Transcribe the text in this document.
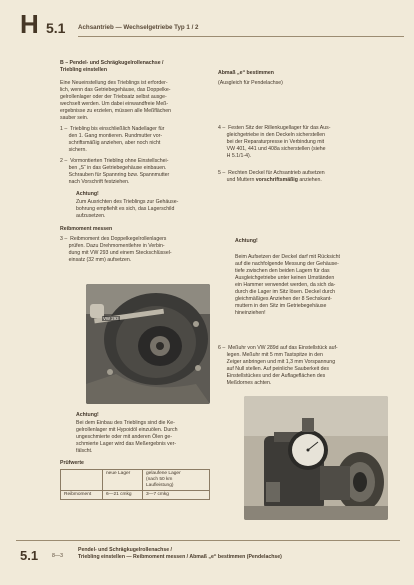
H 5.1 Achsantrieb — Wechselgetriebe Typ 1 / 2
B – Pendel- und Schrägkugelrollenachse /
Triebling einstellen
Eine Neueinstellung des Trieblings ist erforder-
lich, wenn das Getriebegehäuse, das Doppelke-
gelrollenlager oder der Triebsatz selbst ausge-
wechselt werden. Um dabei einwandfreie Meß-
ergebnisse zu erzielen, müssen alle Meßflächen
sauber sein.
1 –  Triebling bis einschließlich Nadellager für
den 1. Gang montieren. Rundmutter vor-
schriftsmäßig anziehen, aber noch nicht
sichern.
2 –  Vormontierten Triebling ohne Einstellschei-
ben „S“ in das Getriebegehäuse einbauen.
Schrauben für Spannring bzw. Spannmutter
nach Vorschrift festziehen.
Achtung!
Zum Ausrichten des Trieblings zur Gehäuse-
bohrung empfiehlt es sich, das Lagerschild
aufzusetzen.
Reibmoment messen
3 –  Reibmoment des Doppelkegelrollenlagers
prüfen. Dazu Drehmomentlehre in Verbin-
dung mit VW 293 und einem Steckschlüssel-
einsatz (32 mm) aufsetzen.
VW 293
Achtung!
Bei dem Einbau des Trieblings sind die Ke-
gelrollenlager mit Hypoidöl einzuölen. Durch
ungeschmierte oder mit anderen Ölen ge-
schmierte Lager wird das Meßergebnis ver-
fälscht.
Prüfwerte
	neue Lager	gelaufene Lager
(nach 50 km
Laufleistung)
Reibmoment	6—21 cmkg	3—7 cmkg
Abmaß „e“ bestimmen
(Ausgleich für Pendelachse)
4 –  Festen Sitz der Rillenkugellager für das Aus-
gleichgetriebe in den Deckeln sicherstellen
bei der Reparaturpresse in Verbindung mit
VW 401, 441 und 408a sicherstellen (siehe
H 5.1/1-4).
5 –  Rechten Deckel für Achsantrieb aufsetzen
und Muttern vorschriftsmäßig anziehen.
Achtung!
Beim Aufsetzen der Deckel darf mit Rücksicht
auf die nachfolgende Messung der Gehäuse-
tiefe zwischen den beiden Lagern für das
Ausgleichgetriebe unter keinen Umständen
ein Hammer verwendet werden, da sich da-
durch die Lager im Sitz lösen. Deckel durch
gleichmäßiges Anziehen der 8 Sechskant-
muttern in den Sitz im Getriebegehäuse
hineinziehen!
6 –  Meßuhr von VW 289d auf das Einstellstück auf-
legen. Meßuhr mit 5 mm Tastspitze in den
Zeiger anbringen und mit 1,3 mm Vorspannung
auf Null stellen. Auf peinliche Sauberkeit des
Einstellstückes und der Auflageflächen des
Meßdornes achten.
5.1	8—3
Pendel- und Schrägkugelrollenachse /
Triebling einstellen — Reibmoment messen / Abmaß „e“ bestimmen (Pendelachse)
